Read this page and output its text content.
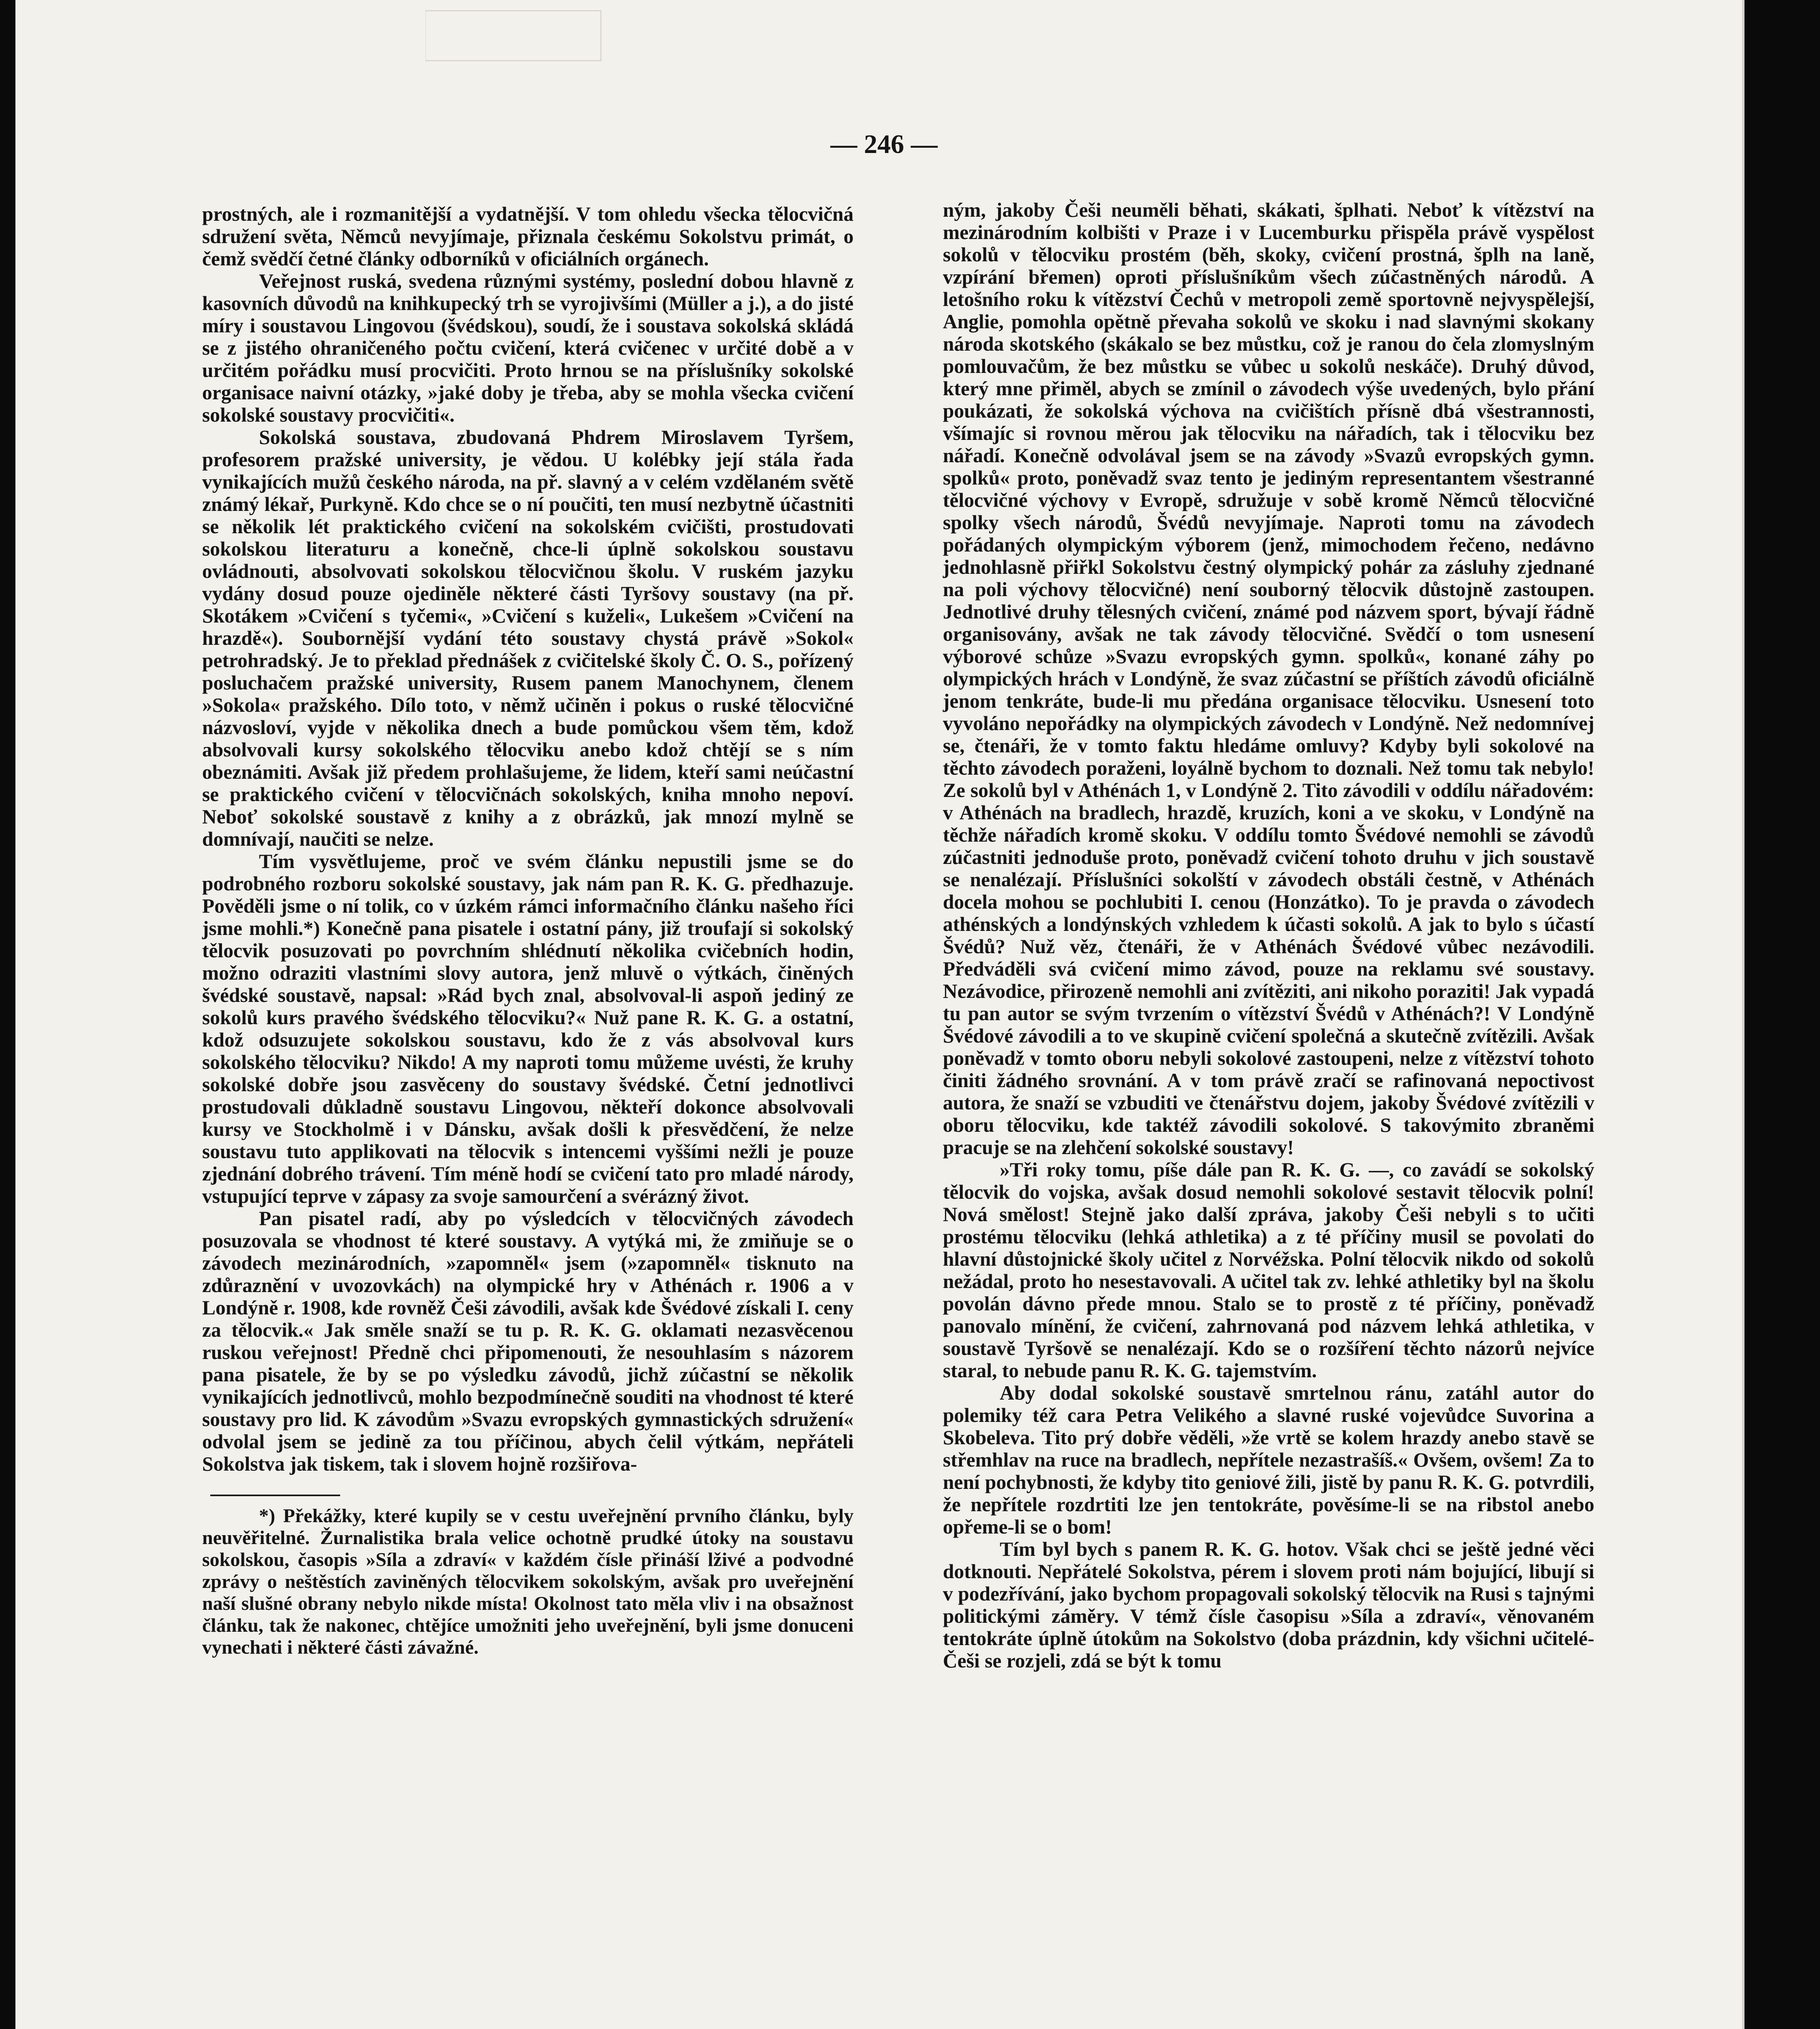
— 246 —

prostných, ale i rozmanitější a vydatnější. V tom ohledu všecka tělocvičná sdružení světa, Němců nevyjímaje, přiznala českému Sokolstvu primát, o čemž svědčí četné články odborníků v oficiálních orgánech.

Veřejnost ruská, svedena různými systémy, poslední dobou hlavně z kasovních důvodů na knihkupecký trh se vyrojivšími (Müller a j.), a do jisté míry i soustavou Lingovou (švédskou), soudí, že i soustava sokolská skládá se z jistého ohraničeného počtu cvičení, která cvičenec v určité době a v určitém pořádku musí procvičiti. Proto hrnou se na příslušníky sokolské organisace naivní otázky, »jaké doby je třeba, aby se mohla všecka cvičení sokolské soustavy procvičiti«.

Sokolská soustava, zbudovaná Phdrem Miroslavem Tyršem, profesorem pražské university, je vědou. U kolébky její stála řada vynikajících mužů českého národa, na př. slavný a v celém vzdělaném světě známý lékař, Purkyně. Kdo chce se o ní poučiti, ten musí nezbytně účastniti se několik lét praktického cvičení na sokolském cvičišti, prostudovati sokolskou literaturu a konečně, chce-li úplně sokolskou soustavu ovládnouti, absolvovati sokolskou tělocvičnou školu. V ruském jazyku vydány dosud pouze ojediněle některé části Tyršovy soustavy (na př. Skotákem »Cvičení s tyčemi«, »Cvičení s kuželi«, Lukešem »Cvičení na hrazdě«). Soubornější vydání této soustavy chystá právě »Sokol« petrohradský. Je to překlad přednášek z cvičitelské školy Č. O. S., pořízený posluchačem pražské university, Rusem panem Manochynem, členem »Sokola« pražského. Dílo toto, v němž učiněn i pokus o ruské tělocvičné názvosloví, vyjde v několika dnech a bude pomůckou všem těm, kdož absolvovali kursy sokolského tělocviku anebo kdož chtějí se s ním obeznámiti. Avšak již předem prohlašujeme, že lidem, kteří sami neúčastní se praktického cvičení v tělocvičnách sokolských, kniha mnoho nepoví. Neboť sokolské soustavě z knihy a z obrázků, jak mnozí mylně se domnívají, naučiti se nelze.

Tím vysvětlujeme, proč ve svém článku nepustili jsme se do podrobného rozboru sokolské soustavy, jak nám pan R. K. G. předhazuje. Pověděli jsme o ní tolik, co v úzkém rámci informačního článku našeho říci jsme mohli.*) Konečně pana pisatele i ostatní pány, již troufají si sokolský tělocvik posuzovati po povrchním shlédnutí několika cvičebních hodin, možno odraziti vlastními slovy autora, jenž mluvě o výtkách, činěných švédské soustavě, napsal: »Rád bych znal, absolvoval-li aspoň jediný ze sokolů kurs pravého švédského tělocviku?« Nuž pane R. K. G. a ostatní, kdož odsuzujete sokolskou soustavu, kdo že z vás absolvoval kurs sokolského tělocviku? Nikdo! A my naproti tomu můžeme uvésti, že kruhy sokolské dobře jsou zasvěceny do soustavy švédské. Četní jednotlivci prostudovali důkladně soustavu Lingovou, někteří dokonce absolvovali kursy ve Stockholmě i v Dánsku, avšak došli k přesvědčení, že nelze soustavu tuto applikovati na tělocvik s intencemi vyššími nežli je pouze zjednání dobrého trávení. Tím méně hodí se cvičení tato pro mladé národy, vstupující teprve v zápasy za svoje samourčení a svérázný život.

Pan pisatel radí, aby po výsledcích v tělocvičných závodech posuzovala se vhodnost té které soustavy. A vytýká mi, že zmiňuje se o závodech mezinárodních, »zapomněl« jsem (»zapomněl« tisknuto na zdůraznění v uvozovkách) na olympické hry v Athénách r. 1906 a v Londýně r. 1908, kde rovněž Češi závodili, avšak kde Švédové získali I. ceny za tělocvik.« Jak směle snaží se tu p. R. K. G. oklamati nezasvěcenou ruskou veřejnost! Předně chci připomenouti, že nesouhlasím s názorem pana pisatele, že by se po výsledku závodů, jichž zúčastní se několik vynikajících jednotlivců, mohlo bezpodmínečně souditi na vhodnost té které soustavy pro lid. K závodům »Svazu evropských gymnastických sdružení« odvolal jsem se jedině za tou příčinou, abych čelil výtkám, nepřáteli Sokolstva jak tiskem, tak i slovem hojně rozšiřova-

*) Překážky, které kupily se v cestu uveřejnění prvního článku, byly neuvěřitelné. Žurnalistika brala velice ochotně prudké útoky na soustavu sokolskou, časopis »Síla a zdraví« v každém čísle přináší lživé a podvodné zprávy o neštěstích zaviněných tělocvikem sokolským, avšak pro uveřejnění naší slušné obrany nebylo nikde místa! Okolnost tato měla vliv i na obsažnost článku, tak že nakonec, chtějíce umožniti jeho uveřejnění, byli jsme donuceni vynechati i některé části závažné.

ným, jakoby Češi neuměli běhati, skákati, šplhati. Neboť k vítězství na mezinárodním kolbišti v Praze i v Lucemburku přispěla právě vyspělost sokolů v tělocviku prostém (běh, skoky, cvičení prostná, šplh na laně, vzpírání břemen) oproti příslušníkům všech zúčastněných národů. A letošního roku k vítězství Čechů v metropoli země sportovně nejvyspělejší, Anglie, pomohla opětně převaha sokolů ve skoku i nad slavnými skokany národa skotského (skákalo se bez můstku, což je ranou do čela zlomyslným pomlouvačům, že bez můstku se vůbec u sokolů neskáče). Druhý důvod, který mne přiměl, abych se zmínil o závodech výše uvedených, bylo přání poukázati, že sokolská výchova na cvičištích přísně dbá všestrannosti, všímajíc si rovnou měrou jak tělocviku na nářadích, tak i tělocviku bez nářadí. Konečně odvolával jsem se na závody »Svazů evropských gymn. spolků« proto, poněvadž svaz tento je jediným representantem všestranné tělocvičné výchovy v Evropě, sdružuje v sobě kromě Němců tělocvičné spolky všech národů, Švédů nevyjímaje. Naproti tomu na závodech pořádaných olympickým výborem (jenž, mimochodem řečeno, nedávno jednohlasně přiřkl Sokolstvu čestný olympický pohár za zásluhy zjednané na poli výchovy tělocvičné) není souborný tělocvik důstojně zastoupen. Jednotlivé druhy tělesných cvičení, známé pod názvem sport, bývají řádně organisovány, avšak ne tak závody tělocvičné. Svědčí o tom usnesení výborové schůze »Svazu evropských gymn. spolků«, konané záhy po olympických hrách v Londýně, že svaz zúčastní se příštích závodů oficiálně jenom tenkráte, bude-li mu předána organisace tělocviku. Usnesení toto vyvoláno nepořádky na olympických závodech v Londýně. Než nedomnívej se, čtenáři, že v tomto faktu hledáme omluvy? Kdyby byli sokolové na těchto závodech poraženi, loyálně bychom to doznali. Než tomu tak nebylo! Ze sokolů byl v Athénách 1, v Londýně 2. Tito závodili v oddílu nářadovém: v Athénách na bradlech, hrazdě, kruzích, koni a ve skoku, v Londýně na těchže nářadích kromě skoku. V oddílu tomto Švédové nemohli se závodů zúčastniti jednoduše proto, poněvadž cvičení tohoto druhu v jich soustavě se nenalézají. Příslušníci sokolští v závodech obstáli čestně, v Athénách docela mohou se pochlubiti I. cenou (Honzátko). To je pravda o závodech athénských a londýnských vzhledem k účasti sokolů. A jak to bylo s účastí Švédů? Nuž věz, čtenáři, že v Athénách Švédové vůbec nezávodili. Předváděli svá cvičení mimo závod, pouze na reklamu své soustavy. Nezávodice, přirozeně nemohli ani zvítěziti, ani nikoho poraziti! Jak vypadá tu pan autor se svým tvrzením o vítězství Švédů v Athénách?! V Londýně Švédové závodili a to ve skupině cvičení společná a skutečně zvítězili. Avšak poněvadž v tomto oboru nebyli sokolové zastoupeni, nelze z vítězství tohoto činiti žádného srovnání. A v tom právě zračí se rafinovaná nepoctivost autora, že snaží se vzbuditi ve čtenářstvu dojem, jakoby Švédové zvítězili v oboru tělocviku, kde taktéž závodili sokolové. S takovýmito zbraněmi pracuje se na zlehčení sokolské soustavy!

»Tři roky tomu, píše dále pan R. K. G. —, co zavádí se sokolský tělocvik do vojska, avšak dosud nemohli sokolové sestavit tělocvik polní! Nová smělost! Stejně jako další zpráva, jakoby Češi nebyli s to učiti prostému tělocviku (lehká athletika) a z té příčiny musil se povolati do hlavní důstojnické školy učitel z Norvéžska. Polní tělocvik nikdo od sokolů nežádal, proto ho nesestavovali. A učitel tak zv. lehké athletiky byl na školu povolán dávno přede mnou. Stalo se to prostě z té příčiny, poněvadž panovalo mínění, že cvičení, zahrnovaná pod názvem lehká athletika, v soustavě Tyršově se nenalézají. Kdo se o rozšíření těchto názorů nejvíce staral, to nebude panu R. K. G. tajemstvím.

Aby dodal sokolské soustavě smrtelnou ránu, zatáhl autor do polemiky též cara Petra Velikého a slavné ruské vojevůdce Suvorina a Skobeleva. Tito prý dobře věděli, »že vrtě se kolem hrazdy anebo stavě se střemhlav na ruce na bradlech, nepřítele nezastrašíš.« Ovšem, ovšem! Za to není pochybnosti, že kdyby tito geniové žili, jistě by panu R. K. G. potvrdili, že nepřítele rozdrtiti lze jen tentokráte, pověsíme-li se na ribstol anebo opřeme-li se o bom!

Tím byl bych s panem R. K. G. hotov. Však chci se ještě jedné věci dotknouti. Nepřátelé Sokolstva, pérem i slovem proti nám bojující, libují si v podezřívání, jako bychom propagovali sokolský tělocvik na Rusi s tajnými politickými záměry. V témž čísle časopisu »Síla a zdraví«, věnovaném tentokráte úplně útokům na Sokolstvo (doba prázdnin, kdy všichni učitelé-Češi se rozjeli, zdá se být k tomu
